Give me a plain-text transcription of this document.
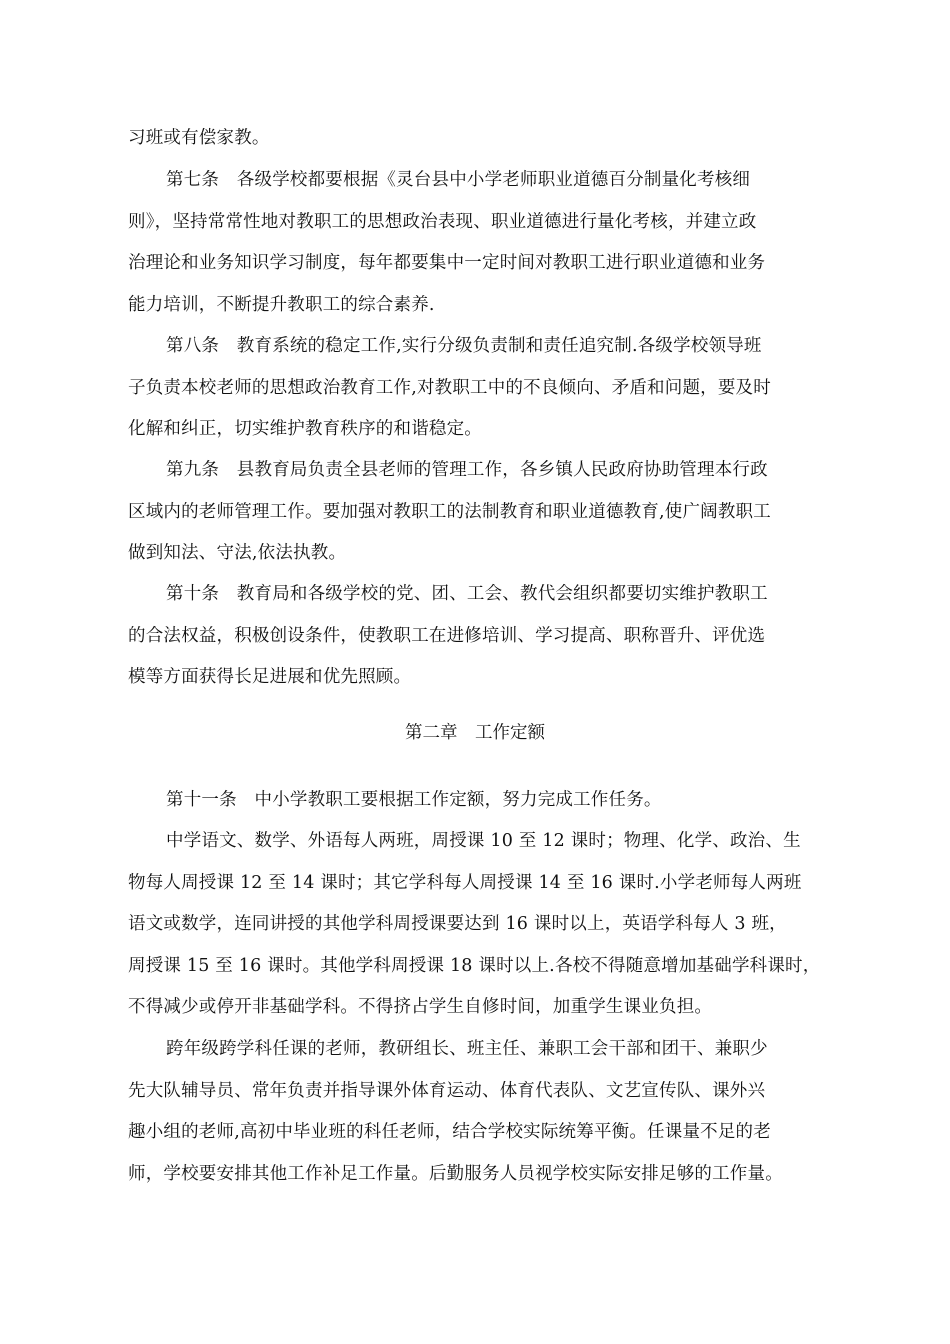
习班或有偿家教。

第七条　各级学校都要根据《灵台县中小学老师职业道德百分制量化考核细
则》，坚持常常性地对教职工的思想政治表现、职业道德进行量化考核，并建立政
治理论和业务知识学习制度，每年都要集中一定时间对教职工进行职业道德和业务
能力培训，不断提升教职工的综合素养.

第八条　教育系统的稳定工作,实行分级负责制和责任追究制.各级学校领导班
子负责本校老师的思想政治教育工作,对教职工中的不良倾向、矛盾和问题，要及时
化解和纠正，切实维护教育秩序的和谐稳定。

第九条　县教育局负责全县老师的管理工作，各乡镇人民政府协助管理本行政
区域内的老师管理工作。要加强对教职工的法制教育和职业道德教育,使广阔教职工
做到知法、守法,依法执教。

第十条　教育局和各级学校的党、团、工会、教代会组织都要切实维护教职工
的合法权益，积极创设条件，使教职工在进修培训、学习提高、职称晋升、评优选
模等方面获得长足进展和优先照顾。

第二章　工作定额

第十一条　中小学教职工要根据工作定额，努力完成工作任务。

中学语文、数学、外语每人两班，周授课 10 至 12 课时；物理、化学、政治、生
物每人周授课 12 至 14 课时；其它学科每人周授课 14 至 16 课时.小学老师每人两班
语文或数学，连同讲授的其他学科周授课要达到 16 课时以上，英语学科每人 3 班，
周授课 15 至 16 课时。其他学科周授课 18 课时以上.各校不得随意增加基础学科课时，
不得减少或停开非基础学科。不得挤占学生自修时间，加重学生课业负担。

跨年级跨学科任课的老师，教研组长、班主任、兼职工会干部和团干、兼职少
先大队辅导员、常年负责并指导课外体育运动、体育代表队、文艺宣传队、课外兴
趣小组的老师,高初中毕业班的科任老师，结合学校实际统筹平衡。任课量不足的老
师，学校要安排其他工作补足工作量。后勤服务人员视学校实际安排足够的工作量。
